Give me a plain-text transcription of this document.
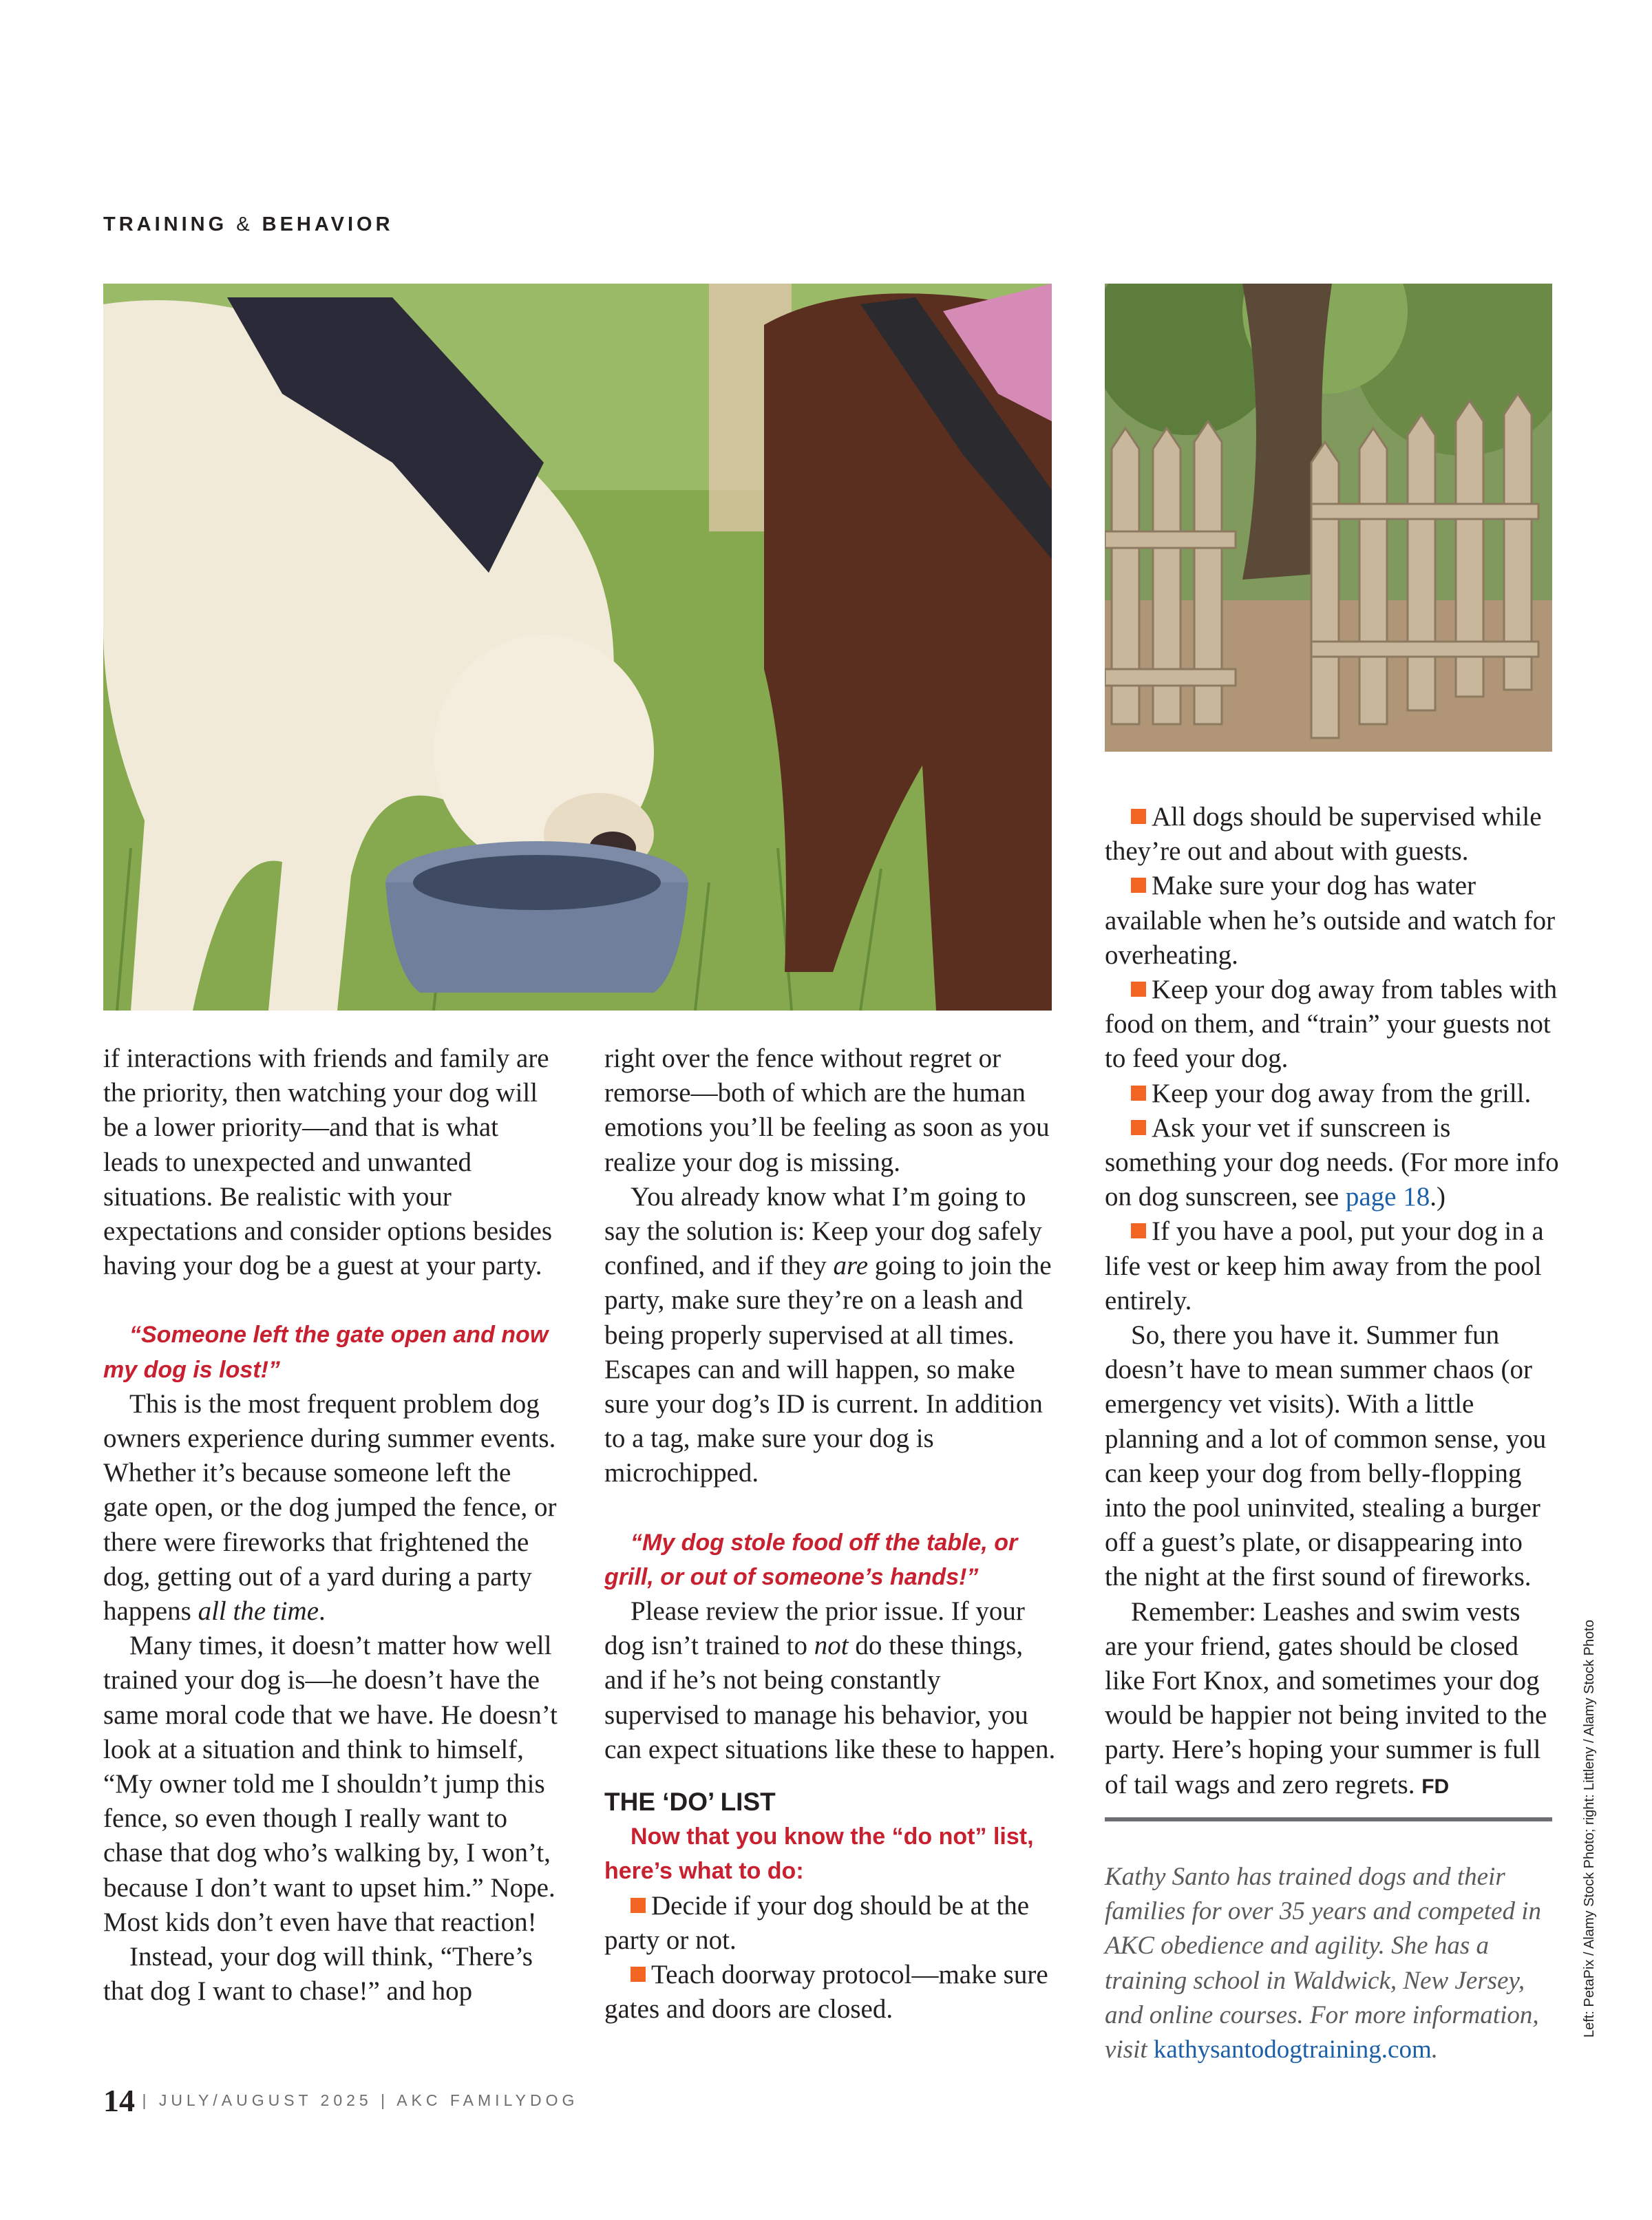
TRAINING & BEHAVIOR

if interactions with friends and family are the priority, then watching your dog will be a lower priority—and that is what leads to unexpected and unwanted situations. Be realistic with your expectations and consider options besides having your dog be a guest at your party.

“Someone left the gate open and now my dog is lost!”

This is the most frequent problem dog owners experience during summer events. Whether it’s because someone left the gate open, or the dog jumped the fence, or there were fireworks that frightened the dog, getting out of a yard during a party happens all the time.

Many times, it doesn’t matter how well trained your dog is—he doesn’t have the same moral code that we have. He doesn’t look at a situation and think to himself, “My owner told me I shouldn’t jump this fence, so even though I really want to chase that dog who’s walking by, I won’t, because I don’t want to upset him.” Nope. Most kids don’t even have that reaction!

Instead, your dog will think, “There’s that dog I want to chase!” and hop

right over the fence without regret or remorse—both of which are the human emotions you’ll be feeling as soon as you realize your dog is missing.

You already know what I’m going to say the solution is: Keep your dog safely confined, and if they are going to join the party, make sure they’re on a leash and being properly supervised at all times. Escapes can and will happen, so make sure your dog’s ID is current. In addition to a tag, make sure your dog is microchipped.

“My dog stole food off the table, or grill, or out of someone’s hands!”

Please review the prior issue. If your dog isn’t trained to not do these things, and if he’s not being constantly supervised to manage his behavior, you can expect situations like these to happen.

THE ‘DO’ LIST

Now that you know the “do not” list, here’s what to do:

Decide if your dog should be at the party or not.

Teach doorway protocol—make sure gates and doors are closed.

All dogs should be supervised while they’re out and about with guests.

Make sure your dog has water available when he’s outside and watch for overheating.

Keep your dog away from tables with food on them, and “train” your guests not to feed your dog.

Keep your dog away from the grill.

Ask your vet if sunscreen is something your dog needs. (For more info on dog sunscreen, see page 18.)

If you have a pool, put your dog in a life vest or keep him away from the pool entirely.

So, there you have it. Summer fun doesn’t have to mean summer chaos (or emergency vet visits). With a little planning and a lot of common sense, you can keep your dog from belly-flopping into the pool uninvited, stealing a burger off a guest’s plate, or disappearing into the night at the first sound of fireworks.

Remember: Leashes and swim vests are your friend, gates should be closed like Fort Knox, and sometimes your dog would be happier not being invited to the party. Here’s hoping your summer is full of tail wags and zero regrets. FD

Kathy Santo has trained dogs and their families for over 35 years and competed in AKC obedience and agility. She has a training school in Waldwick, New Jersey, and online courses. For more information, visit kathysantodogtraining.com.

Left: PetaPix / Alamy Stock Photo; right: Littleny / Alamy Stock Photo
14 | JULY/AUGUST 2025 | AKC FAMILYDOG
